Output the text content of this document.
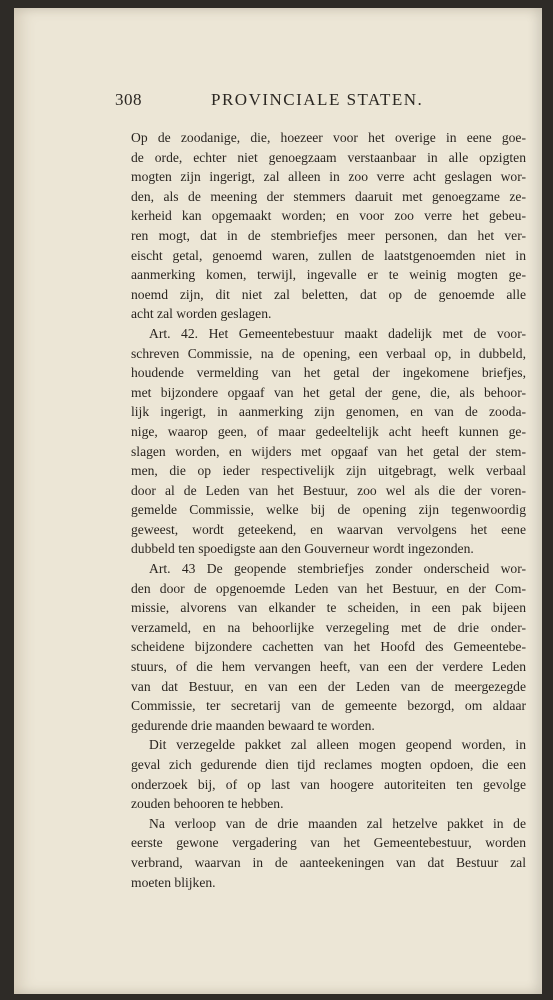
308	PROVINCIALE STATEN.
Op de zoodanige, die, hoezeer voor het overige in eene goe-
de orde, echter niet genoegzaam verstaanbaar in alle opzigten
mogten zijn ingerigt, zal alleen in zoo verre acht geslagen wor-
den, als de meening der stemmers daaruit met genoegzame ze-
kerheid kan opgemaakt worden; en voor zoo verre het gebeu-
ren mogt, dat in de stembriefjes meer personen, dan het ver-
eischt getal, genoemd waren, zullen de laatstgenoemden niet in
aanmerking komen, terwijl, ingevalle er te weinig mogten ge-
noemd zijn, dit niet zal beletten, dat op de genoemde alle
acht zal worden geslagen.
Art. 42. Het Gemeentebestuur maakt dadelijk met de voor-
schreven Commissie, na de opening, een verbaal op, in dubbeld,
houdende vermelding van het getal der ingekomene briefjes,
met bijzondere opgaaf van het getal der gene, die, als behoor-
lijk ingerigt, in aanmerking zijn genomen, en van de zooda-
nige, waarop geen, of maar gedeeltelijk acht heeft kunnen ge-
slagen worden, en wijders met opgaaf van het getal der stem-
men, die op ieder respectivelijk zijn uitgebragt, welk verbaal
door al de Leden van het Bestuur, zoo wel als die der voren-
gemelde Commissie, welke bij de opening zijn tegenwoordig
geweest, wordt geteekend, en waarvan vervolgens het eene
dubbeld ten spoedigste aan den Gouverneur wordt ingezonden.
Art. 43 De geopende stembriefjes zonder onderscheid wor-
den door de opgenoemde Leden van het Bestuur, en der Com-
missie, alvorens van elkander te scheiden, in een pak bijeen
verzameld, en na behoorlijke verzegeling met de drie onder-
scheidene bijzondere cachetten van het Hoofd des Gemeentebe-
stuurs, of die hem vervangen heeft, van een der verdere Leden
van dat Bestuur, en van een der Leden van de meergezegde
Commissie, ter secretarij van de gemeente bezorgd, om aldaar
gedurende drie maanden bewaard te worden.
Dit verzegelde pakket zal alleen mogen geopend worden, in
geval zich gedurende dien tijd reclames mogten opdoen, die een
onderzoek bij, of op last van hoogere autoriteiten ten gevolge
zouden behooren te hebben.
Na verloop van de drie maanden zal hetzelve pakket in de
eerste gewone vergadering van het Gemeentebestuur, worden
verbrand, waarvan in de aanteekeningen van dat Bestuur zal
moeten blijken.
